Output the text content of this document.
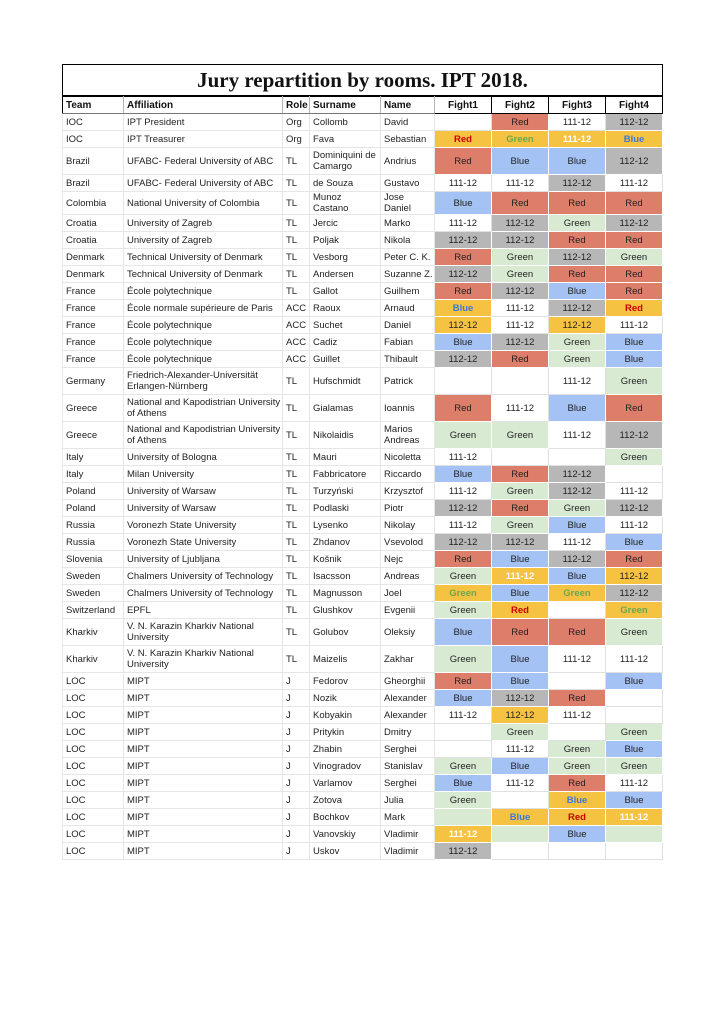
Jury repartition by rooms. IPT 2018.
Team	Affiliation	Role	Surname	Name	Fight1	Fight2	Fight3	Fight4
IOC	IPT President	Org	Collomb	David		Red	111-12	112-12
IOC	IPT Treasurer	Org	Fava	Sebastian	Red	Green	111-12	Blue
Brazil	UFABC- Federal University of ABC	TL	Dominiquini de Camargo	Andrius	Red	Blue	Blue	112-12
Brazil	UFABC- Federal University of ABC	TL	de Souza	Gustavo	111-12	111-12	112-12	111-12
Colombia	National University of Colombia	TL	Munoz Castano	Jose Daniel	Blue	Red	Red	Red
Croatia	University of Zagreb	TL	Jercic	Marko	111-12	112-12	Green	112-12
Croatia	University of Zagreb	TL	Poljak	Nikola	112-12	112-12	Red	Red
Denmark	Technical University of Denmark	TL	Vesborg	Peter C. K.	Red	Green	112-12	Green
Denmark	Technical University of Denmark	TL	Andersen	Suzanne Z.	112-12	Green	Red	Red
France	École polytechnique	TL	Gallot	Guilhem	Red	112-12	Blue	Red
France	École normale supérieure de Paris	ACC	Raoux	Arnaud	Blue	111-12	112-12	Red
France	École polytechnique	ACC	Suchet	Daniel	112-12	111-12	112-12	111-12
France	École polytechnique	ACC	Cadiz	Fabian	Blue	112-12	Green	Blue
France	École polytechnique	ACC	Guillet	Thibault	112-12	Red	Green	Blue
Germany	Friedrich-Alexander-Universität Erlangen-Nürnberg	TL	Hufschmidt	Patrick			111-12	Green
Greece	National and Kapodistrian University of Athens	TL	Gialamas	Ioannis	Red	111-12	Blue	Red
Greece	National and Kapodistrian University of Athens	TL	Nikolaidis	Marios Andreas	Green	Green	111-12	112-12
Italy	University of Bologna	TL	Mauri	Nicoletta	111-12			Green
Italy	Milan University	TL	Fabbricatore	Riccardo	Blue	Red	112-12	
Poland	University of Warsaw	TL	Turzyński	Krzysztof	111-12	Green	112-12	111-12
Poland	University of Warsaw	TL	Podlaski	Piotr	112-12	Red	Green	112-12
Russia	Voronezh State University	TL	Lysenko	Nikolay	111-12	Green	Blue	111-12
Russia	Voronezh State University	TL	Zhdanov	Vsevolod	112-12	112-12	111-12	Blue
Slovenia	University of Ljubljana	TL	Košnik	Nejc	Red	Blue	112-12	Red
Sweden	Chalmers University of Technology	TL	Isacsson	Andreas	Green	111-12	Blue	112-12
Sweden	Chalmers University of Technology	TL	Magnusson	Joel	Green	Blue	Green	112-12
Switzerland	EPFL	TL	Glushkov	Evgenii	Green	Red		Green
Kharkiv	V. N. Karazin Kharkiv National University	TL	Golubov	Oleksiy	Blue	Red	Red	Green
Kharkiv	V. N. Karazin Kharkiv National University	TL	Maizelis	Zakhar	Green	Blue	111-12	111-12
LOC	MIPT	J	Fedorov	Gheorghii	Red	Blue		Blue
LOC	MIPT	J	Nozik	Alexander	Blue	112-12	Red	
LOC	MIPT	J	Kobyakin	Alexander	111-12	112-12	111-12	
LOC	MIPT	J	Pritykin	Dmitry		Green		Green
LOC	MIPT	J	Zhabin	Serghei		111-12	Green	Blue
LOC	MIPT	J	Vinogradov	Stanislav	Green	Blue	Green	Green
LOC	MIPT	J	Varlamov	Serghei	Blue	111-12	Red	111-12
LOC	MIPT	J	Zotova	Julia	Green		Blue	Blue
LOC	MIPT	J	Bochkov	Mark		Blue	Red	111-12
LOC	MIPT	J	Vanovskiy	Vladimir	111-12		Blue	
LOC	MIPT	J	Uskov	Vladimir	112-12			
